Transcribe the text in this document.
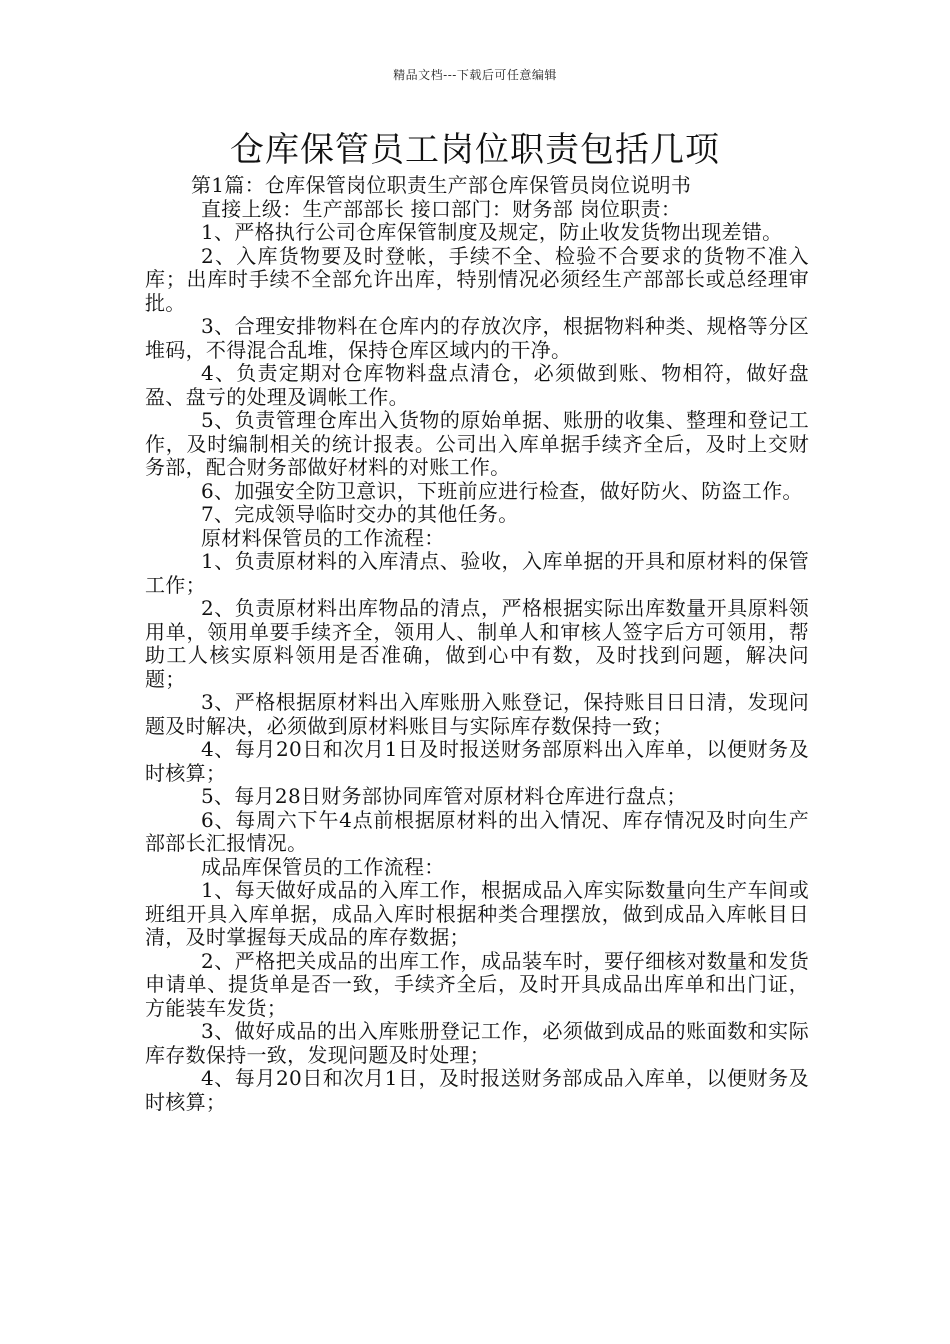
精品文档---下载后可任意编辑
仓库保管员工岗位职责包括几项

第1篇：仓库保管岗位职责生产部仓库保管员岗位说明书

直接上级：生产部部长 接口部门：财务部 岗位职责：

1、严格执行公司仓库保管制度及规定，防止收发货物出现差错。

2、入库货物要及时登帐，手续不全、检验不合要求的货物不准入库；出库时手续不全部允许出库，特别情况必须经生产部部长或总经理审批。

3、合理安排物料在仓库内的存放次序，根据物料种类、规格等分区堆码，不得混合乱堆，保持仓库区域内的干净。

4、负责定期对仓库物料盘点清仓，必须做到账、物相符，做好盘盈、盘亏的处理及调帐工作。

5、负责管理仓库出入货物的原始单据、账册的收集、整理和登记工作，及时编制相关的统计报表。公司出入库单据手续齐全后，及时上交财务部，配合财务部做好材料的对账工作。

6、加强安全防卫意识，下班前应进行检查，做好防火、防盗工作。

7、完成领导临时交办的其他任务。

原材料保管员的工作流程：

1、负责原材料的入库清点、验收，入库单据的开具和原材料的保管工作；

2、负责原材料出库物品的清点，严格根据实际出库数量开具原料领用单，领用单要手续齐全，领用人、制单人和审核人签字后方可领用，帮助工人核实原料领用是否准确，做到心中有数，及时找到问题，解决问题；

3、严格根据原材料出入库账册入账登记，保持账目日日清，发现问题及时解决，必须做到原材料账目与实际库存数保持一致；

4、每月20日和次月1日及时报送财务部原料出入库单，以便财务及时核算；

5、每月28日财务部协同库管对原材料仓库进行盘点；

6、每周六下午4点前根据原材料的出入情况、库存情况及时向生产部部长汇报情况。

成品库保管员的工作流程：

1、每天做好成品的入库工作，根据成品入库实际数量向生产车间或班组开具入库单据，成品入库时根据种类合理摆放，做到成品入库帐目日清，及时掌握每天成品的库存数据；

2、严格把关成品的出库工作，成品装车时，要仔细核对数量和发货申请单、提货单是否一致，手续齐全后，及时开具成品出库单和出门证，方能装车发货；

3、做好成品的出入库账册登记工作，必须做到成品的账面数和实际库存数保持一致，发现问题及时处理；

4、每月20日和次月1日，及时报送财务部成品入库单，以便财务及时核算；
